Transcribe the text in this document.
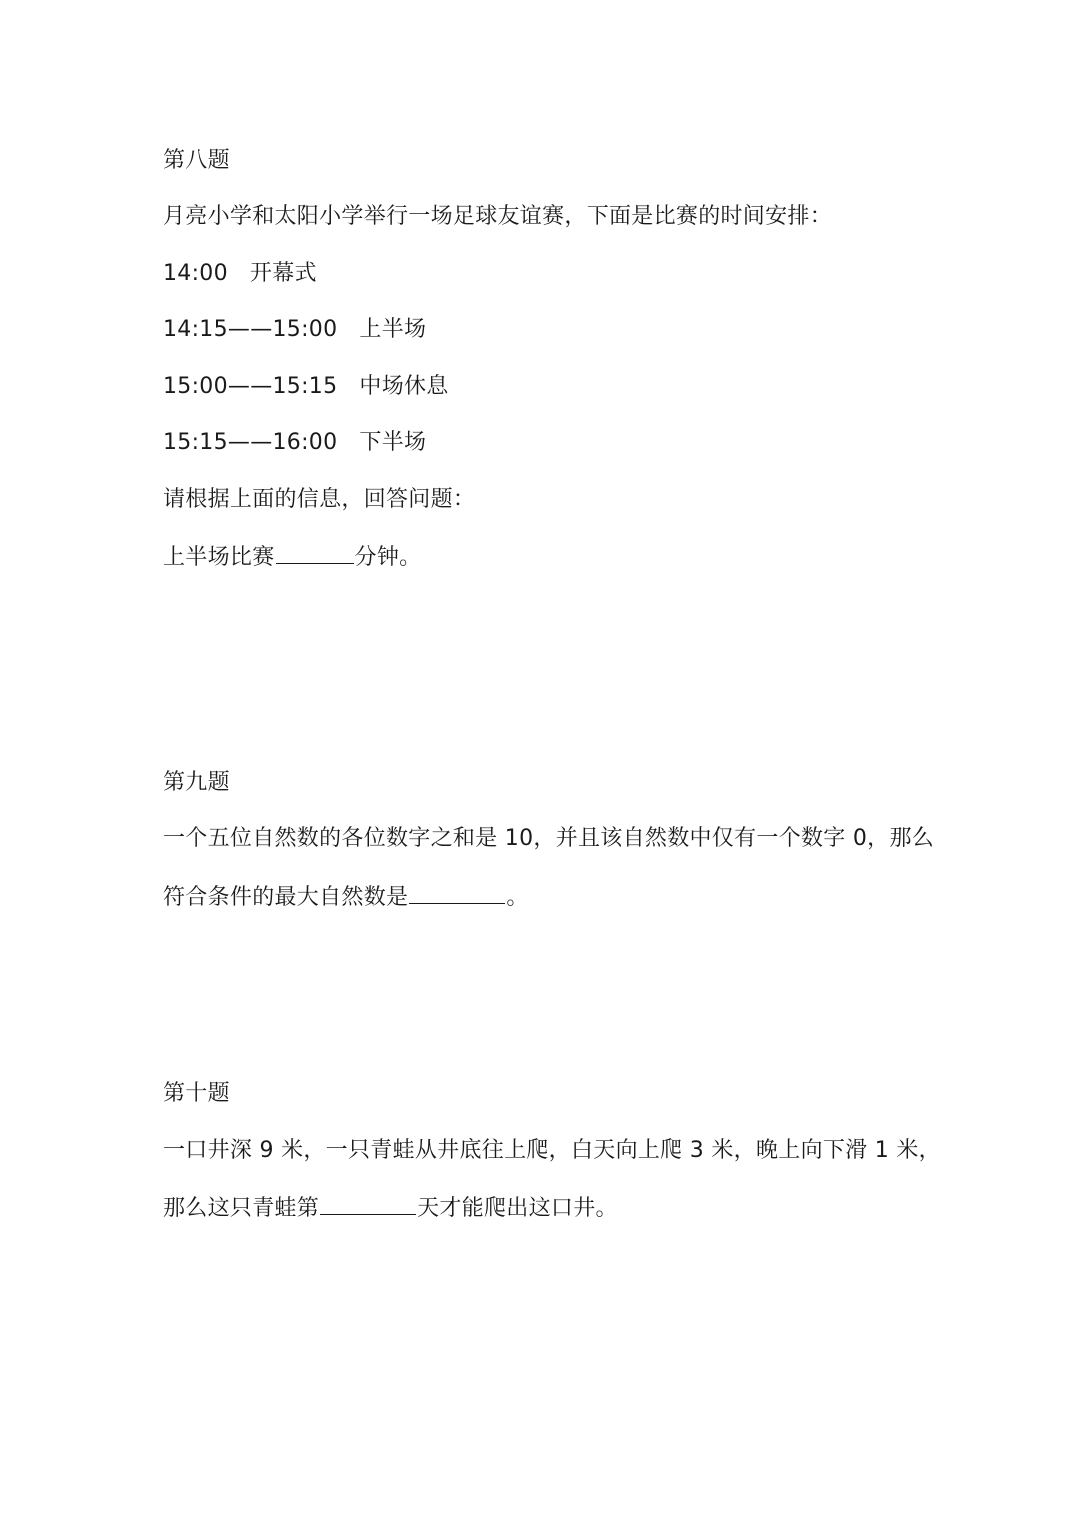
第八题
月亮小学和太阳小学举行一场足球友谊赛，下面是比赛的时间安排：
14:00 开幕式
14:15——15:00 上半场
15:00——15:15 中场休息
15:15——16:00 下半场
请根据上面的信息，回答问题：
上半场比赛	分钟。
第九题
一个五位自然数的各位数字之和是 10，并且该自然数中仅有一个数字 0，那么
符合条件的最大自然数是	。
第十题
一口井深 9 米，一只青蛙从井底往上爬，白天向上爬 3 米，晚上向下滑 1 米，
那么这只青蛙第	天才能爬出这口井。
